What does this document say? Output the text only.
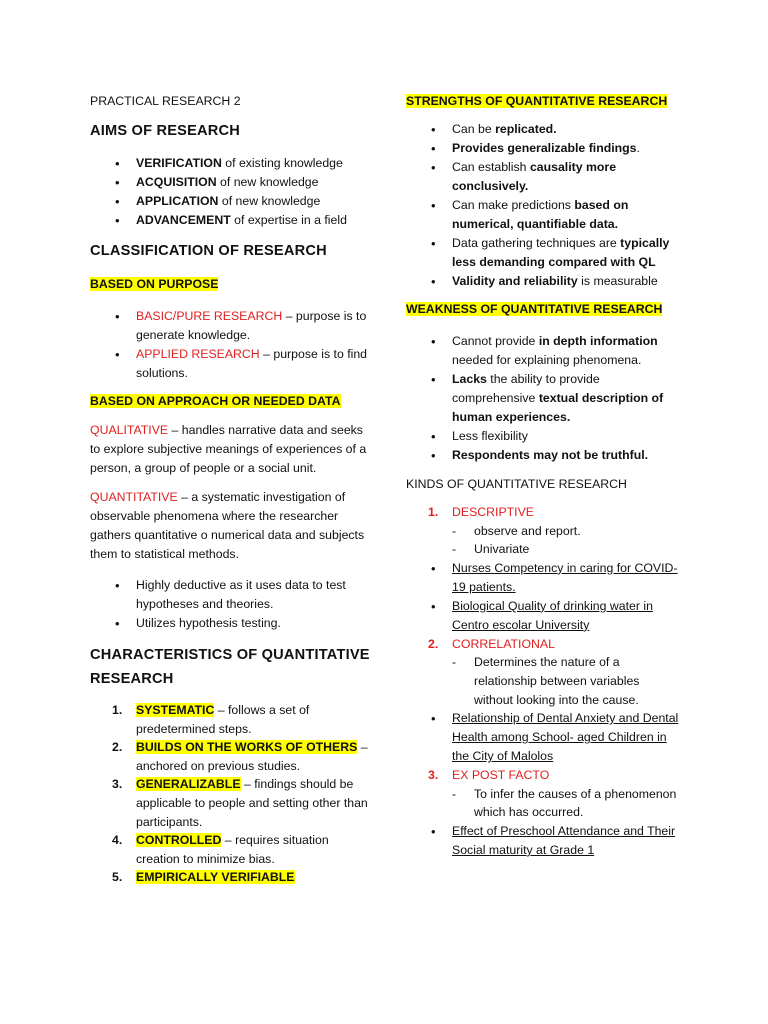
PRACTICAL RESEARCH 2

AIMS OF RESEARCH
• VERIFICATION of existing knowledge
• ACQUISITION of new knowledge
• APPLICATION of new knowledge
• ADVANCEMENT of expertise in a field
CLASSIFICATION OF RESEARCH

BASED ON PURPOSE

• BASIC/PURE RESEARCH – purpose is to generate knowledge.
• APPLIED RESEARCH – purpose is to find solutions.

BASED ON APPROACH OR NEEDED DATA

QUALITATIVE – handles narrative data and seeks to explore subjective meanings of experiences of a person, a group of people or a social unit.

QUANTITATIVE – a systematic investigation of observable phenomena where the researcher gathers quantitative o numerical data and subjects them to statistical methods.

• Highly deductive as it uses data to test hypotheses and theories.
• Utilizes hypothesis testing.
CHARACTERISTICS OF QUANTITATIVE RESEARCH
1. SYSTEMATIC – follows a set of predetermined steps.
2. BUILDS ON THE WORKS OF OTHERS – anchored on previous studies.
3. GENERALIZABLE – findings should be applicable to people and setting other than participants.
4. CONTROLLED – requires situation creation to minimize bias.
5. EMPIRICALLY VERIFIABLE

STRENGTHS OF QUANTITATIVE RESEARCH

• Can be replicated.
• Provides generalizable findings.
• Can establish causality more conclusively.
• Can make predictions based on numerical, quantifiable data.
• Data gathering techniques are typically less demanding compared with QL
• Validity and reliability is measurable

WEAKNESS OF QUANTITATIVE RESEARCH

• Cannot provide in depth information needed for explaining phenomena.
• Lacks the ability to provide comprehensive textual description of human experiences.
• Less flexibility
• Respondents may not be truthful.

KINDS OF QUANTITATIVE RESEARCH

1. DESCRIPTIVE
- observe and report.
- Univariate
• Nurses Competency in caring for COVID-19 patients.
• Biological Quality of drinking water in Centro escolar University
2. CORRELATIONAL
- Determines the nature of a relationship between variables without looking into the cause.
• Relationship of Dental Anxiety and Dental Health among School- aged Children in the City of Malolos
3. EX POST FACTO
- To infer the causes of a phenomenon which has occurred.
• Effect of Preschool Attendance and Their Social maturity at Grade 1
